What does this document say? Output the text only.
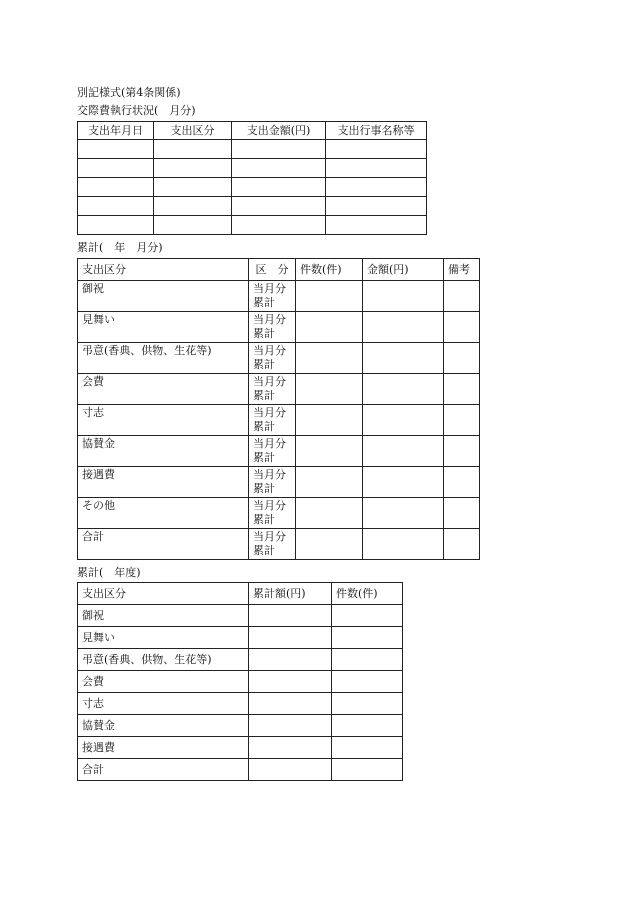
別記様式(第4条関係)
交際費執行状況(　月分)
支出年月日	支出区分	支出金額(円)	支出行事名称等

累計(　年　月分)
支出区分	区　分	件数(件)	金額(円)	備考
御祝	当月分
累計			

見舞い	当月分
累計			

弔意(香典、供物、生花等)	当月分
累計			

会費	当月分
累計			

寸志	当月分
累計			

協賛金	当月分
累計			

接遇費	当月分
累計			

その他	当月分
累計			

合計	当月分
累計			

累計(　年度)
支出区分	累計額(円)	件数(件)
御祝		
見舞い		
弔意(香典、供物、生花等)		
会費		
寸志		
協賛金		
接遇費		
合計		
